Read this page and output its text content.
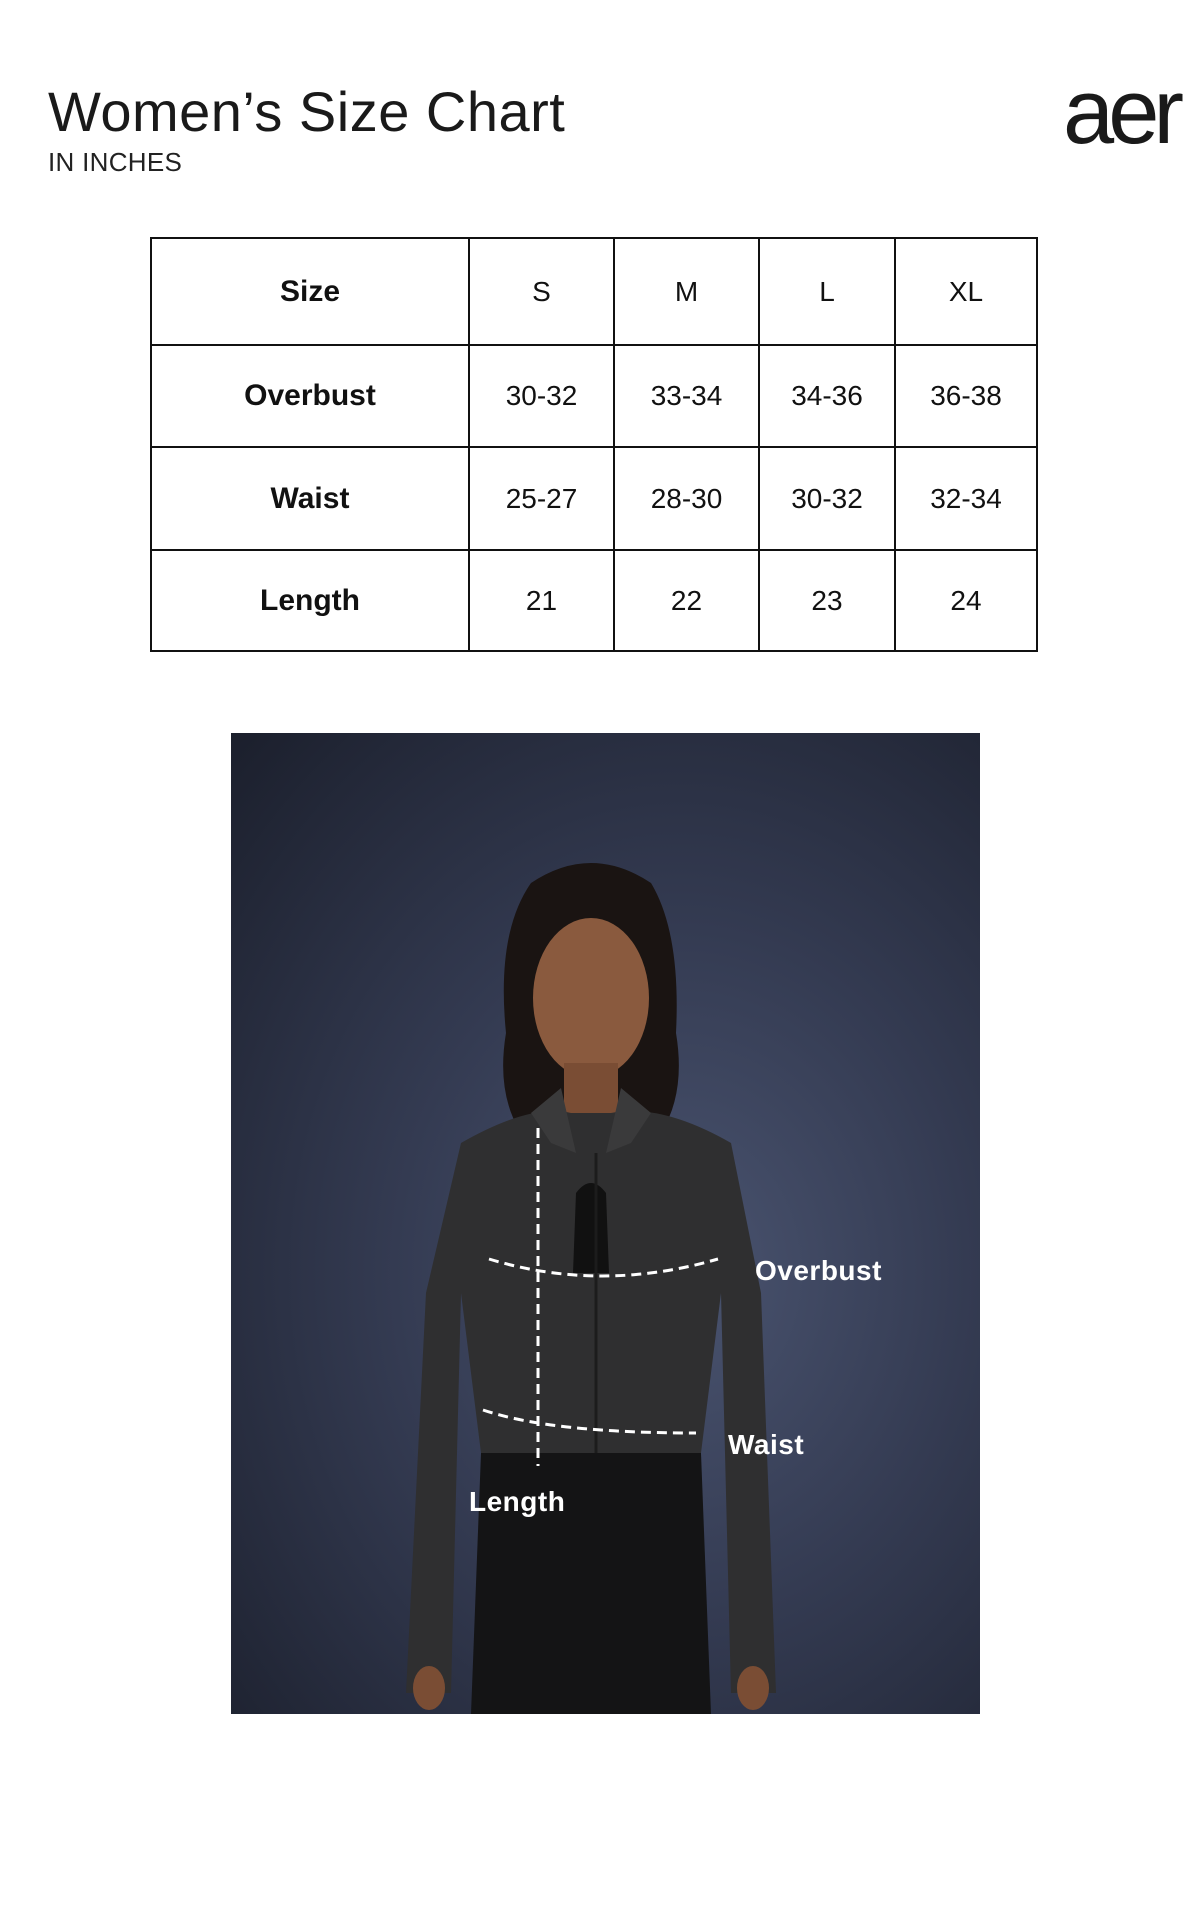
Women’s Size Chart
IN INCHES	aer
Size	S	M	L	XL
Overbust	30-32	33-34	34-36	36-38
Waist	25-27	28-30	30-32	32-34
Length	21	22	23	24
Overbust
Waist
Length
